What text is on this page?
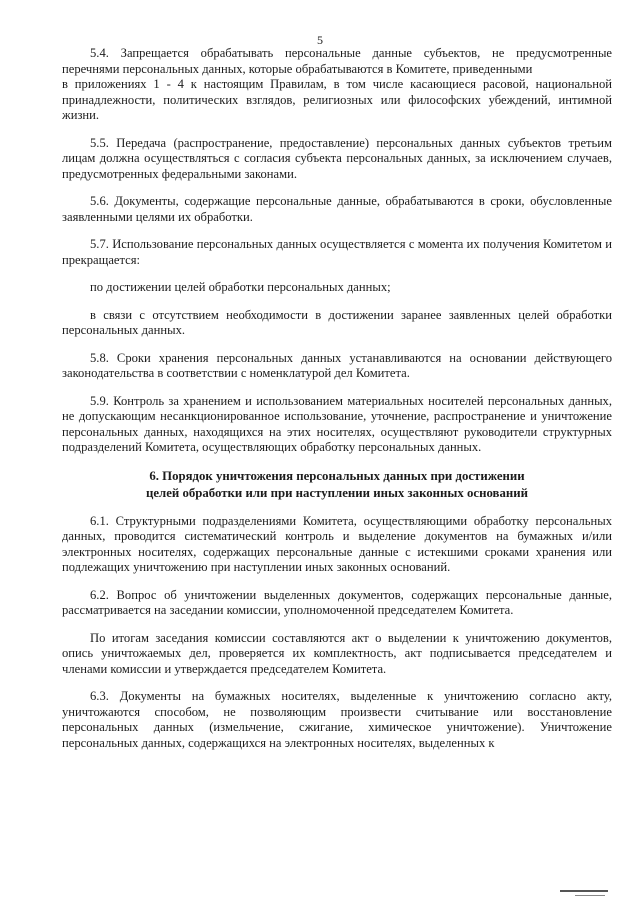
5

5.4. Запрещается обрабатывать персональные данные субъектов, не предусмотренные перечнями персональных данных, которые обрабатываются в Комитете, приведенными

в приложениях 1 - 4 к настоящим Правилам, в том числе касающиеся расовой, национальной принадлежности, политических взглядов, религиозных или философских убеждений, интимной жизни.

5.5. Передача (распространение, предоставление) персональных данных субъектов третьим лицам должна осуществляться с согласия субъекта персональных данных, за исключением случаев, предусмотренных федеральными законами.

5.6. Документы, содержащие персональные данные, обрабатываются в сроки, обусловленные заявленными целями их обработки.

5.7. Использование персональных данных осуществляется с момента их получения Комитетом и прекращается:

по достижении целей обработки персональных данных;

в связи с отсутствием необходимости в достижении заранее заявленных целей обработки персональных данных.

5.8. Сроки хранения персональных данных устанавливаются на основании действующего законодательства в соответствии с номенклатурой дел Комитета.

5.9. Контроль за хранением и использованием материальных носителей персональных данных, не допускающим несанкционированное использование, уточнение, распространение и уничтожение персональных данных, находящихся на этих носителях, осуществляют руководители структурных подразделений Комитета, осуществляющих обработку персональных данных.

6. Порядок уничтожения персональных данных при достижении
целей обработки или при наступлении иных законных оснований

6.1. Структурными подразделениями Комитета, осуществляющими обработку персональных данных, проводится систематический контроль и выделение документов на бумажных и/или электронных носителях, содержащих персональные данные с истекшими сроками хранения или подлежащих уничтожению при наступлении иных законных оснований.

6.2. Вопрос об уничтожении выделенных документов, содержащих персональные данные, рассматривается на заседании комиссии, уполномоченной председателем Комитета.

По итогам заседания комиссии составляются акт о выделении к уничтожению документов, опись уничтожаемых дел, проверяется их комплектность, акт подписывается председателем и членами комиссии и утверждается председателем Комитета.

6.3. Документы на бумажных носителях, выделенные к уничтожению согласно акту, уничтожаются способом, не позволяющим произвести считывание или восстановление персональных данных (измельчение, сжигание, химическое уничтожение). Уничтожение персональных данных, содержащихся на электронных носителях, выделенных к
